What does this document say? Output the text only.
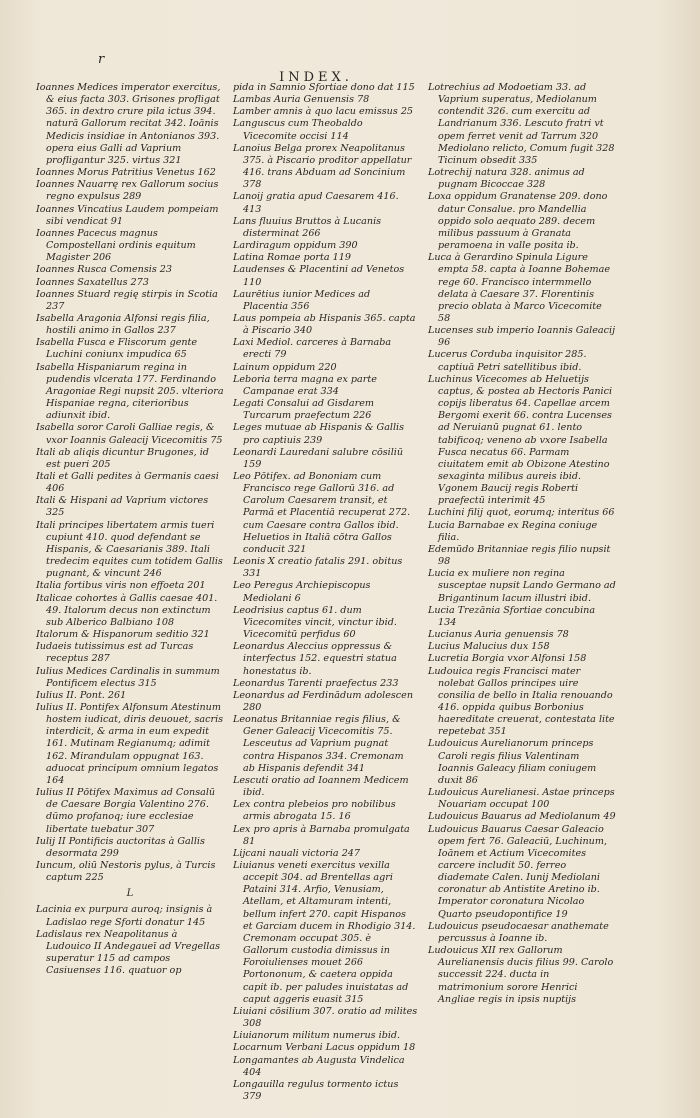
r
INDEX.

Ioannes Medices imperator exercitus, & eius facta 303. Grisones profligat 365. in dextro crure pila ictus 394. naturā Gallorum recitat 342. Ioānis Medicis insidiae in Antonianos 393. opera eius Galli ad Vaprium profligantur 325. virtus 321

Ioannes Morus Patritius Venetus 162

Ioannes Nauarrę rex Gallorum socius regno expulsus 289

Ioannes Vincatius Laudem pompeiam sibi vendicat 91

Ioannes Pacecus magnus Compostellani ordinis equitum Magister 206

Ioannes Rusca Comensis 23

Ioannes Saxatellus 273

Ioannes Stuard regię stirpis in Scotia 237

Isabella Aragonia Alfonsi regis filia, hostili animo in Gallos 237

Isabella Fusca e Fliscorum gente Luchini coniunx impudica 65

Isabella Hispaniarum regina in pudendis vlcerata 177. Ferdinando Aragoniae Regi nupsit 205. vlteriora Hispaniae regna, citerioribus adiunxit ibid.

Isabella soror Caroli Galliae regis, & vxor Ioannis Galeacij Vicecomitis 75

Itali ab aliqis dicuntur Brugones, id est pueri 205

Itali et Galli pedites à Germanis caesi 406

Itali & Hispani ad Vaprium victores 325

Itali principes libertatem armis tueri cupiunt 410. quod defendant se Hispanis, & Caesarianis 389. Itali tredecim equites cum totidem Gallis pugnant, & vincunt 246

Italia fortibus viris non effoeta 201

Italicae cohortes à Gallis caesae 401. 49. Italorum decus non extinctum sub Alberico Balbiano 108

Italorum & Hispanorum seditio 321

Iudaeis tutissimus est ad Turcas receptus 287

Iulius Medices Cardinalis in summum Pontificem electus 315

Iulius II. Pont. 261

Iulius II. Pontifex Alfonsum Atestinum hostem iudicat, diris deuouet, sacris interdicit, & arma in eum expedit 161. Mutinam Regianumq; adimit 162. Mirandulam oppugnat 163. aduocat principum omnium legatos 164

Iulius II Pōtifex Maximus ad Consalū de Caesare Borgia Valentino 276. dūmo profanoq; iure ecclesiae libertate tuebatur 307

Iulij II Pontificis auctoritas à Gallis desormata 299

Iuncum, oliū Nestoris pylus, à Turcis captum 225

L

Lacinia ex purpura auroq; insignis à Ladislao rege Sforti donatur 145

Ladislaus rex Neapolitanus à Ludouico II Andegaueī ad Vregellas superatur 115 ad campos Casiuenses 116. quatuor op

pida in Samnio Sfortiae dono dat 115

Lambas Auria Genuensis 78

Lamber amnis à quo lacu emissus 25

Languscus cum Theobaldo Vicecomite occisi 114

Lanoius Belga prorex Neapolitanus 375. à Piscario proditor appellatur 416. trans Abduam ad Soncinium 378

Lanoij gratia apud Caesarem 416. 413

Lans fluuius Bruttos à Lucanis disterminat 266

Lardiragum oppidum 390

Latina Romae porta 119

Laudenses & Placentini ad Venetos 110

Laurētius iunior Medices ad Placentia 356

Laus pompeia ab Hispanis 365. capta à Piscario 340

Laxi Mediol. carceres à Barnaba erecti 79

Lainum oppidum 220

Leboria terra magna ex parte Campanae erat 334

Legati Consalui ad Gisdarem Turcarum praefectum 226

Leges mutuae ab Hispanis & Gallis pro captiuis 239

Leonardi Lauredani salubre cōsiliū 159

Leo Pōtifex. ad Bononiam cum Francisco rege Gallorū 316. ad Carolum Caesarem transit, et Parmā et Placentiā recuperat 272. cum Caesare contra Gallos ibid. Heluetios in Italiā cōtra Gallos conducit 321

Leonis X creatio fatalis 291. obitus 331

Leo Peregus Archiepiscopus Mediolani 6

Leodrisius captus 61. dum Vicecomites vincit, vinctur ibid. Vicecomitū perfidus 60

Leonardus Aleccius oppressus & interfectus 152. equestri statua honestatus ib.

Leonardus Tarenti praefectus 233

Leonardus ad Ferdinādum adolescen 280

Leonatus Britanniae regis filius, & Gener Galeacij Vicecomitis 75. Lesceutus ad Vaprium pugnat contra Hispanos 334. Cremonam ab Hispanis defendit 341

Lescuti oratio ad Ioannem Medicem ibid.

Lex contra plebeios pro nobilibus armis abrogata 15. 16

Lex pro apris à Barnaba promulgata 81

Lijcani nauali victoria 247

Liuianus veneti exercitus vexilla accepit 304. ad Brentellas agri Pataini 314. Arfio, Venusiam, Atellam, et Altamuram intenti, bellum infert 270. capit Hispanos et Garciam ducem in Rhodigio 314. Cremonam occupat 305. è Gallorum custodia dimissus in Foroiulienses mouet 266 Portononum, & caetera oppida capit ib. per paludes inuistatas ad caput aggeris euasit 315

Liuiani cōsilium 307. oratio ad milites 308

Liuianorum militum numerus ibid.

Locarnum Verbani Lacus oppidum 18

Longamantes ab Augusta Vindelica 404

Longauilla regulus tormento ictus 379

Lotrechius ad Modoetiam 33. ad Vaprium superatus, Mediolanum contendit 326. cum exercitu ad Landrianum 336. Lescuto fratri vt opem ferret venit ad Tarrum 320 Mediolano relicto, Comum fugit 328 Ticinum obsedit 335

Lotrechij natura 328. animus ad pugnam Bicoccae 328

Loxa oppidum Granatense 209. dono datur Consalue. pro Mandellia oppido solo aequato 289. decem milibus passuum à Granata peramoena in valle posita ib.

Luca à Gerardino Spinula Ligure empta 58. capta à Ioanne Bohemae rege 60. Francisco intermmello delata à Caesare 37. Florentinis precio oblata à Marco Vicecomite 58

Lucenses sub imperio Ioannis Galeacij 96

Lucerus Corduba inquisitor 285. captiuā Petri satellitibus ibid.

Luchinus Vicecomes ab Heluetijs captus, & postea ab Hectoris Panici copijs liberatus 64. Capellae arcem Bergomi exerit 66. contra Lucenses ad Neruianū pugnat 61. lento tabificoq; veneno ab vxore Isabella Fusca necatus 66. Parmam ciuitatem emit ab Obizone Atestino sexaginta milibus aureis ibid. Vgonem Baucij regis Roberti praefectū interimit 45

Luchini filij quot, eorumq; interitus 66

Lucia Barnabae ex Regina coniuge filia.

Edemūdo Britanniae regis filio nupsit 98

Lucia ex muliere non regina susceptae nupsit Lando Germano ad Brigantinum lacum illustri ibid.

Lucia Trezānia Sfortiae concubina 134

Lucianus Auria genuensis 78

Lucius Malucius dux 158

Lucretia Borgia vxor Alfonsi 158

Ludouica regis Francisci mater nolebat Gallos principes uire consilia de bello in Italia renouando 416. oppida quibus Borbonius haereditate creuerat, contestata lite repetebat 351

Ludouicus Aurelianorum princeps Caroli regis filius Valentinam Ioannis Galeacy filiam coniugem duxit 86

Ludouicus Aurelianesi. Astae princeps Nouariam occupat 100

Ludouicus Bauarus ad Mediolanum 49

Ludouicus Bauarus Caesar Galeacio opem fert 76. Galeaciū, Luchinum, Ioānem et Actium Vicecomites carcere includit 50. ferreo diademate Calen. Iunij Mediolani coronatur ab Antistite Aretino ib. Imperator coronatura Nicolao Quarto pseudopontifice 19

Ludouicus pseudocaesar anathemate percussus à Ioanne ib.

Ludouicus XII rex Gallorum Aurelianensis ducis filius 99. Carolo successit 224. ducta in matrimonium sorore Henrici Angliae regis in ipsis nuptijs
